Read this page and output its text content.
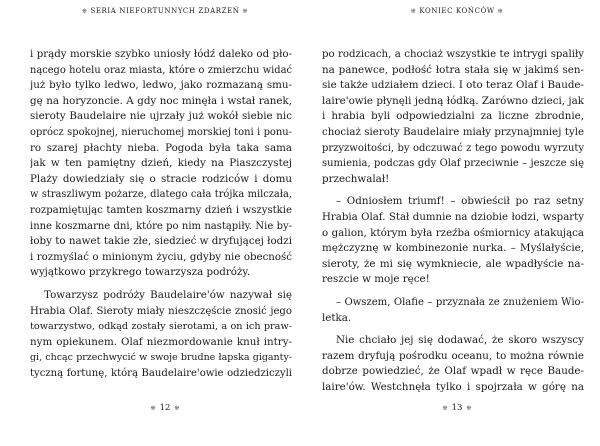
❊ SERIA NIEFORTUNNYCH ZDARZEŃ ❊
i prądy morskie szybko uniosły łódź daleko od pło-
nącego hotelu oraz miasta, które o zmierzchu widać
już było tylko ledwo, ledwo, jako rozmazaną smu-
gę na horyzoncie. A gdy noc minęła i wstał ranek,
sieroty Baudelaire nie ujrzały już wokół siebie nic
oprócz spokojnej, nieruchomej morskiej toni i ponu-
ro szarej płachty nieba. Pogoda była taka sama
jak w ten pamiętny dzień, kiedy na Piaszczystej
Plaży dowiedziały się o stracie rodziców i domu
w straszliwym pożarze, dlatego cała trójka milczała,
rozpamiętując tamten koszmarny dzień i wszystkie
inne koszmarne dni, które po nim nastąpiły. Nie by-
łoby to nawet takie złe, siedzieć w dryfującej łodzi
i rozmyślać o minionym życiu, gdyby nie obecność
wyjątkowo przykrego towarzysza podróży.
Towarzysz podróży Baudelaire'ów nazywał się
Hrabia Olaf. Sieroty miały nieszczęście znosić jego
towarzystwo, odkąd zostały sierotami, a on ich praw-
nym opiekunem. Olaf niezmordowanie knuł intry-
gi, chcąc przechwycić w swoje brudne łapska giganty-
tyczną fortunę, którą Baudelaire'owie odziedziczyli
❊ 12 ❊
❊ KONIEC KOŃCÓW ❊
po rodzicach, a chociaż wszystkie te intrygi spaliły
na panewce, podłość łotra stała się w jakimś sen-
sie także udziałem dzieci. I oto teraz Olaf i Baude-
laire'owie płynęli jedną łódką. Zarówno dzieci, jak
i hrabia byli odpowiedzialni za liczne zbrodnie,
chociaż sieroty Baudelaire miały przynajmniej tyle
przyzwoitości, by odczuwać z tego powodu wyrzuty
sumienia, podczas gdy Olaf przeciwnie – jeszcze się
przechwalał!
– Odniosłem triumf! – obwieścił po raz setny
Hrabia Olaf. Stał dumnie na dziobie łodzi, wsparty
o galion, którym była rzeźba ośmiornicy atakująca
mężczyznę w kombinezonie nurka. – Myślałyście,
sieroty, że mi się wymkniecie, ale wpadłyście na-
reszcie w moje ręce!
– Owszem, Olafie – przyznała ze znużeniem Wio-
letka.
Nie chciało jej się dodawać, że skoro wszyscy
razem dryfują pośrodku oceanu, to można równie
dobrze powiedzieć, że Olaf wpadł w ręce Baude-
laire'ów. Westchnęła tylko i spojrzała w górę na
❊ 13 ❊
